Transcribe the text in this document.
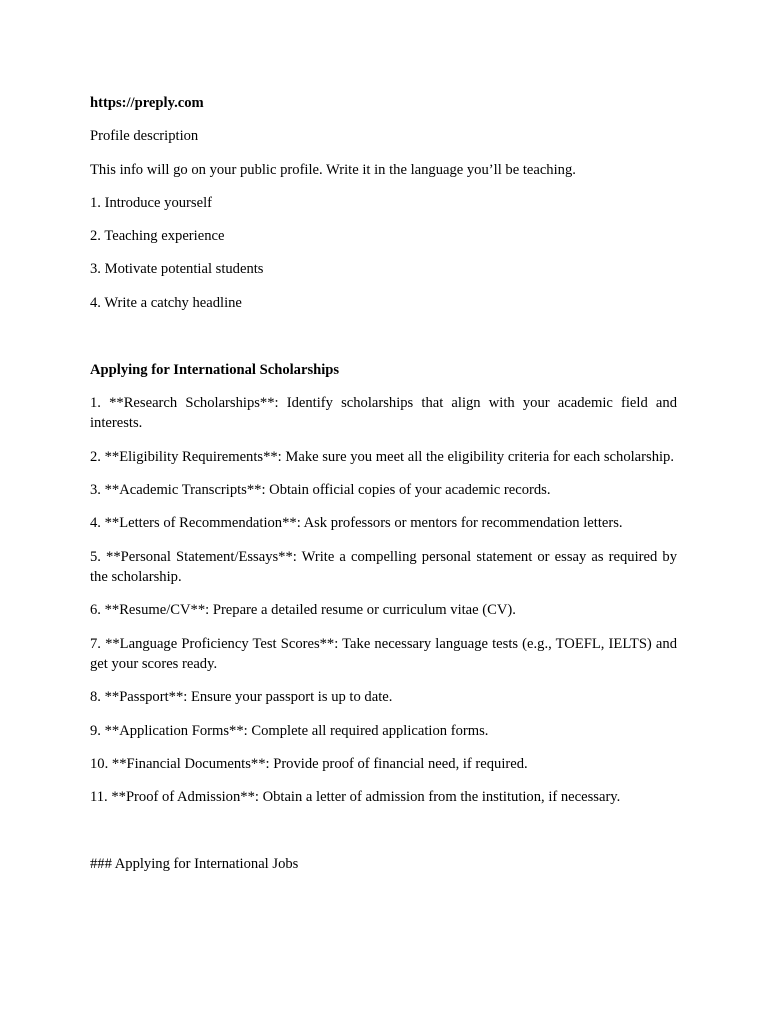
https://preply.com

Profile description

This info will go on your public profile. Write it in the language you’ll be teaching.

1. Introduce yourself

2. Teaching experience

3. Motivate potential students

4. Write a catchy headline

Applying for International Scholarships

1. **Research Scholarships**: Identify scholarships that align with your academic field and interests.

2. **Eligibility Requirements**: Make sure you meet all the eligibility criteria for each scholarship.

3. **Academic Transcripts**: Obtain official copies of your academic records.

4. **Letters of Recommendation**: Ask professors or mentors for recommendation letters.

5. **Personal Statement/Essays**: Write a compelling personal statement or essay as required by the scholarship.

6. **Resume/CV**: Prepare a detailed resume or curriculum vitae (CV).

7. **Language Proficiency Test Scores**: Take necessary language tests (e.g., TOEFL, IELTS) and get your scores ready.

8. **Passport**: Ensure your passport is up to date.

9. **Application Forms**: Complete all required application forms.

10. **Financial Documents**: Provide proof of financial need, if required.

11. **Proof of Admission**: Obtain a letter of admission from the institution, if necessary.

### Applying for International Jobs
